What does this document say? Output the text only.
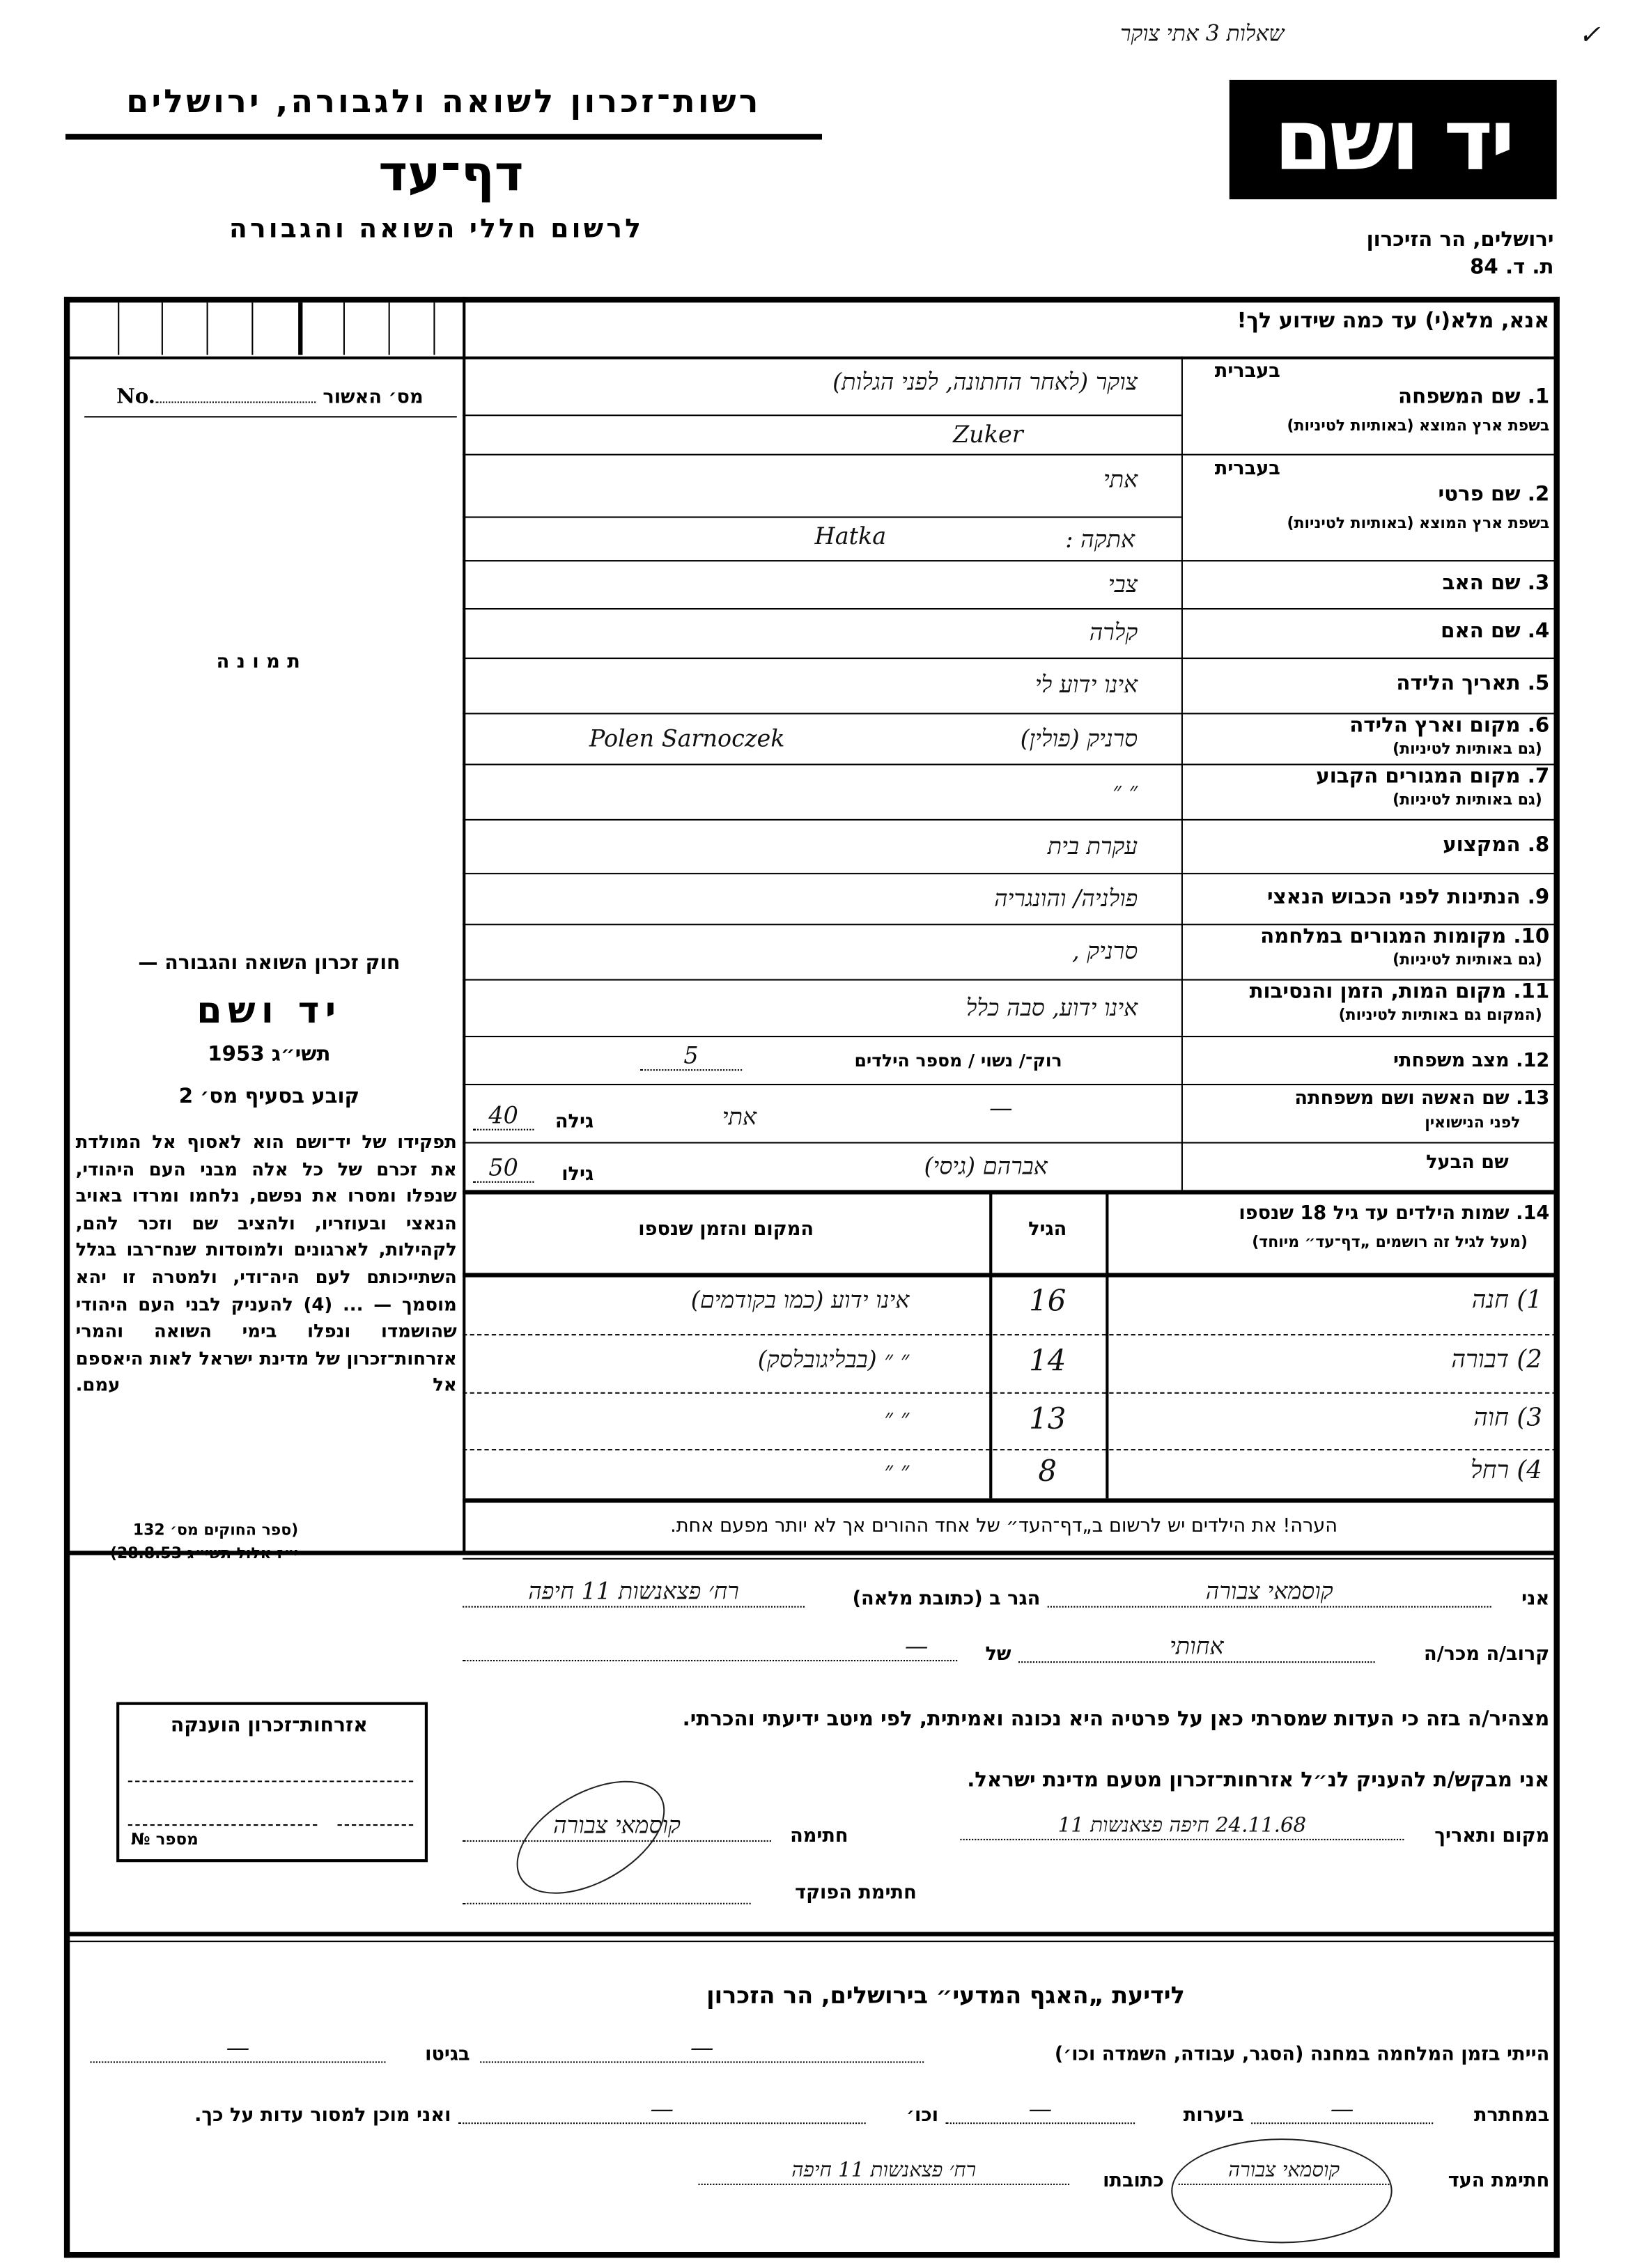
שאלות 3 אתי צוקר	✓
רשות־זכרון לשואה ולגבורה, ירושלים
דף־עד
לרשום חללי השואה והגבורה
יד ושם
ירושלים, הר הזיכרון
ת. ד. 84
No.	מס׳ האשור
תמונה
חוק זכרון השואה והגבורה —
יד ושם
תשי״ג 1953
קובע בסעיף מס׳ 2
תפקידו של יד־ושם הוא לאסוף אל המולדת את זכרם של כל אלה מבני העם היהודי, שנפלו ומסרו את נפשם, נלחמו ומרדו באויב הנאצי ובעוזריו, ולהציב שם וזכר להם, לקהילות, לארגונים ולמוסדות שנח־רבו בגלל השתייכותם לעם היה־ודי, ולמטרה זו יהא מוסמך — ... (4) להעניק לבני העם היהודי שהושמדו ונפלו בימי השואה והמרי אזרחות־זכרון של מדינת ישראל לאות היאספם אל עמם.
(ספר החוקים מס׳ 132
י״ז אלול תשי״ג 28.8.53)
אזרחות־זכרון הוענקה
מספר №
אנא, מלא(י) עד כמה שידוע לך!
בעברית
1. שם המשפחה
בשפת ארץ המוצא (באותיות לטיניות)
צוקר (לאחר החתונה, לפני הגלות)
Zuker
בעברית
2. שם פרטי
בשפת ארץ המוצא (באותיות לטיניות)
אתי
Hatka	אתקה :
3. שם האב
צבי
4. שם האם
קלרה
5. תאריך הלידה
אינו ידוע לי
6. מקום וארץ הלידה
(גם באותיות לטיניות)
סרניק (פולין)
Polen Sarnoczek
7. מקום המגורים הקבוע
(גם באותיות לטיניות)
״ ״
8. המקצוע
עקרת בית
9. הנתינות לפני הכבוש הנאצי
פולניה/ והונגריה
10. מקומות המגורים במלחמה
(גם באותיות לטיניות)
סרניק ,
11. מקום המות, הזמן והנסיבות
(המקום גם באותיות לטיניות)
אינו ידוע, סבה כלל
12. מצב משפחתי
רוק־/ נשוי / מספר הילדים
5
13. שם האשה ושם משפחתה
לפני הנישואין
אתי	—
גילה
40
שם הבעל
אברהם (גיסי)
גילו
50
14. שמות הילדים עד גיל 18 שנספו
(מעל לגיל זה רושמים „דף־עד״ מיוחד)
הגיל
המקום והזמן שנספו
1) חנה
16
אינו ידוע (כמו בקודמים)
2) דבורה
14
״ ״ (בבליגובלסק)
3) חוה
13
״ ״
4) רחל
8
״ ״
הערה! את הילדים יש לרשום ב„דף־העד״ של אחד ההורים אך לא יותר מפעם אחת.
אני
קוסמאי צבורה
הגר ב (כתובת מלאה)
רח׳ פצאנשות 11 חיפה
קרוב/ה מכר/ה
אחותי
של
—
מצהיר/ה בזה כי העדות שמסרתי כאן על פרטיה היא נכונה ואמיתית, לפי מיטב ידיעתי והכרתי.
אני מבקש/ת להעניק לנ״ל אזרחות־זכרון מטעם מדינת ישראל.
מקום ותאריך
24.11.68 חיפה פצאנשות 11
חתימה
קוסמאי צבורה
חתימת הפוקד
לידיעת „האגף המדעי״ בירושלים, הר הזכרון
הייתי בזמן המלחמה במחנה (הסגר, עבודה, השמדה וכו׳)
—
בגיטו
—
במחתרת
—
ביערות
—
וכו׳
—
ואני מוכן למסור עדות על כך.
חתימת העד
קוסמאי צבורה
כתובתו
רח׳ פצאנשות 11 חיפה
